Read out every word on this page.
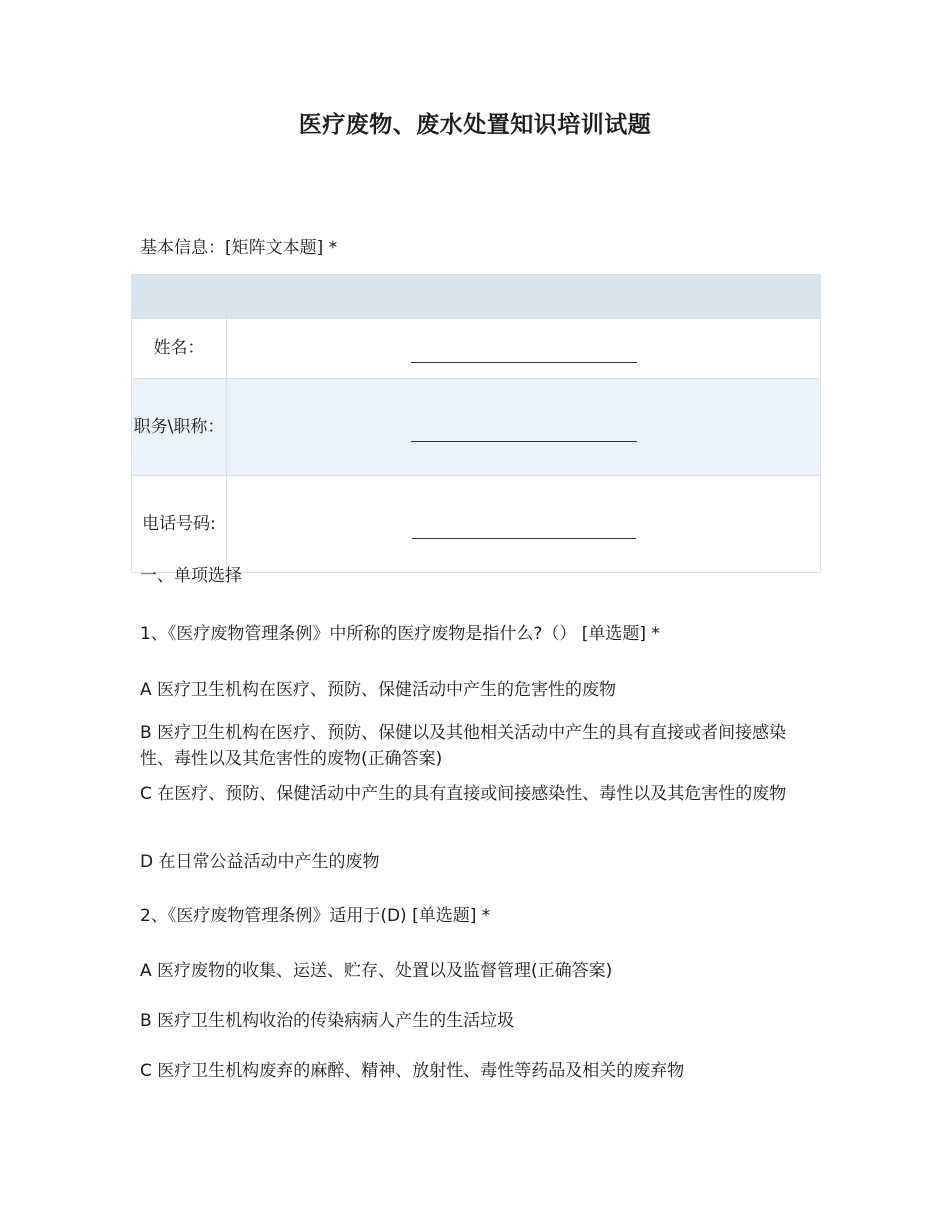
医疗废物、废水处置知识培训试题
基本信息：[矩阵文本题] *

姓名：	
职务\职称：	
电话号码:	
一、单项选择
1、《医疗废物管理条例》中所称的医疗废物是指什么?（） [单选题] *
A 医疗卫生机构在医疗、预防、保健活动中产生的危害性的废物
B 医疗卫生机构在医疗、预防、保健以及其他相关活动中产生的具有直接或者间接感染性、毒性以及其危害性的废物(正确答案)
C 在医疗、预防、保健活动中产生的具有直接或间接感染性、毒性以及其危害性的废物
D 在日常公益活动中产生的废物
2、《医疗废物管理条例》适用于(D) [单选题] *
A 医疗废物的收集、运送、贮存、处置以及监督管理(正确答案)
B 医疗卫生机构收治的传染病病人产生的生活垃圾
C 医疗卫生机构废弃的麻醉、精神、放射性、毒性等药品及相关的废弃物
